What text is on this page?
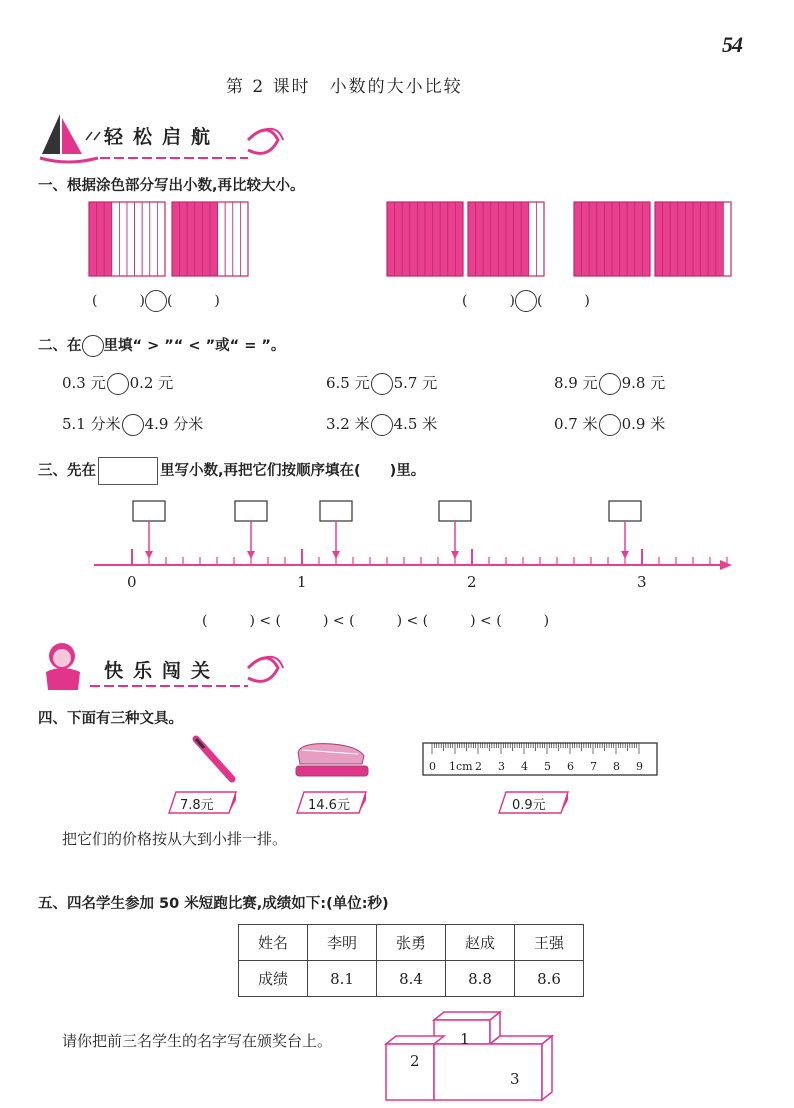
54
第 2 课时　小数的大小比较
轻松启航
一、根据涂色部分写出小数,再比较大小。
(　　　) (　　　)	(　　　) (　　　)
二、在 里填“ > ”“ < ”或“ = ”。
0.3 元 0.2 元	6.5 元 5.7 元	8.9 元 9.8 元
5.1 分米 4.9 分米	3.2 米 4.5 米	0.7 米 0.9 米
三、先在	里写小数,再把它们按顺序填在(　　)里。
0	1	2	3
(　　　) < (　　　) < (　　　) < (　　　) < (　　　)
快乐闯关
四、下面有三种文具。
0 1cm 2 3 4 5 6 7 8 9
7.8元	14.6元	0.9元
把它们的价格按从大到小排一排。
五、四名学生参加 50 米短跑比赛,成绩如下:(单位:秒)
姓名	李明	张勇	赵成	王强
成绩	8.1	8.4	8.8	8.6
请你把前三名学生的名字写在颁奖台上。	1
2
3
